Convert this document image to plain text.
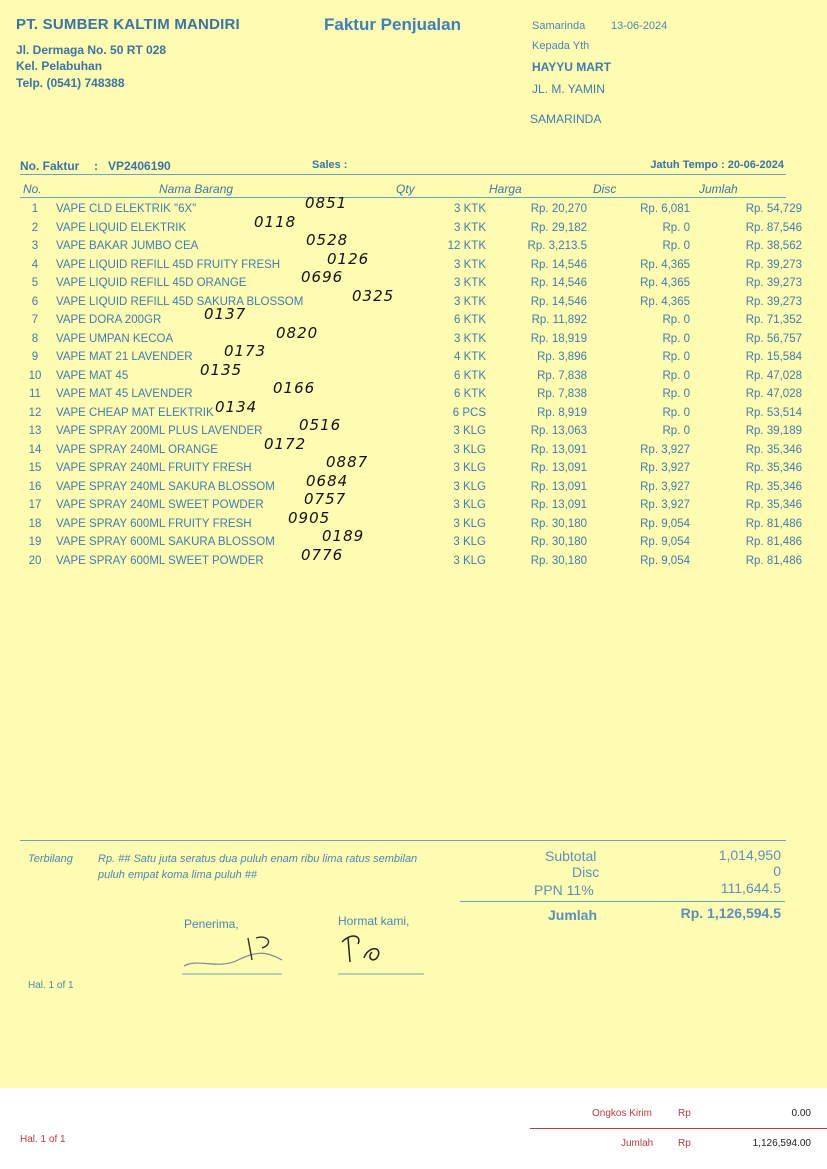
PT. SUMBER KALTIM MANDIRI
Jl. Dermaga No. 50 RT 028
Kel. Pelabuhan
Telp. (0541) 748388
Faktur Penjualan	Samarinda 13-06-2024
Kepada Yth
HAYYU MART
JL. M. YAMIN
SAMARINDA
No. Faktur : VP2406190	Sales :	Jatuh Tempo : 20-06-2024
No.	Nama Barang	Qty	Harga	Disc	Jumlah
1	VAPE CLD ELEKTRIK "6X"	3 KTK	Rp. 20,270	Rp. 6,081	Rp. 54,729
2	VAPE LIQUID ELEKTRIK	3 KTK	Rp. 29,182	Rp. 0	Rp. 87,546
3	VAPE BAKAR JUMBO CEA	12 KTK	Rp. 3,213.5	Rp. 0	Rp. 38,562
4	VAPE LIQUID REFILL 45D FRUITY FRESH	3 KTK	Rp. 14,546	Rp. 4,365	Rp. 39,273
5	VAPE LIQUID REFILL 45D ORANGE	3 KTK	Rp. 14,546	Rp. 4,365	Rp. 39,273
6	VAPE LIQUID REFILL 45D SAKURA BLOSSOM	3 KTK	Rp. 14,546	Rp. 4,365	Rp. 39,273
7	VAPE DORA 200GR	6 KTK	Rp. 11,892	Rp. 0	Rp. 71,352
8	VAPE UMPAN KECOA	3 KTK	Rp. 18,919	Rp. 0	Rp. 56,757
9	VAPE MAT 21 LAVENDER	4 KTK	Rp. 3,896	Rp. 0	Rp. 15,584
10	VAPE MAT 45	6 KTK	Rp. 7,838	Rp. 0	Rp. 47,028
11	VAPE MAT 45 LAVENDER	6 KTK	Rp. 7,838	Rp. 0	Rp. 47,028
12	VAPE CHEAP MAT ELEKTRIK	6 PCS	Rp. 8,919	Rp. 0	Rp. 53,514
13	VAPE SPRAY 200ML PLUS LAVENDER	3 KLG	Rp. 13,063	Rp. 0	Rp. 39,189
14	VAPE SPRAY 240ML ORANGE	3 KLG	Rp. 13,091	Rp. 3,927	Rp. 35,346
15	VAPE SPRAY 240ML FRUITY FRESH	3 KLG	Rp. 13,091	Rp. 3,927	Rp. 35,346
16	VAPE SPRAY 240ML SAKURA BLOSSOM	3 KLG	Rp. 13,091	Rp. 3,927	Rp. 35,346
17	VAPE SPRAY 240ML SWEET POWDER	3 KLG	Rp. 13,091	Rp. 3,927	Rp. 35,346
18	VAPE SPRAY 600ML FRUITY FRESH	3 KLG	Rp. 30,180	Rp. 9,054	Rp. 81,486
19	VAPE SPRAY 600ML SAKURA BLOSSOM	3 KLG	Rp. 30,180	Rp. 9,054	Rp. 81,486
20	VAPE SPRAY 600ML SWEET POWDER	3 KLG	Rp. 30,180	Rp. 9,054	Rp. 81,486
0851
0118
0528
0126
0696
0325
0137
0820
0173
0135
0166
0134
0516
0172
0887
0684
0757
0905
0189
0776
Terbilang Rp. ## Satu juta seratus dua puluh enam ribu lima ratus sembilan puluh empat koma lima puluh ##
Subtotal	1,014,950
Disc	0
PPN 11%	111,644.5
Jumlah	Rp. 1,126,594.5
Penerima,	Hormat kami,
Hal. 1 of 1
Ongkos Kirim	Rp	0.00
Hal. 1 of 1	Jumlah Rp	1,126,594.00
